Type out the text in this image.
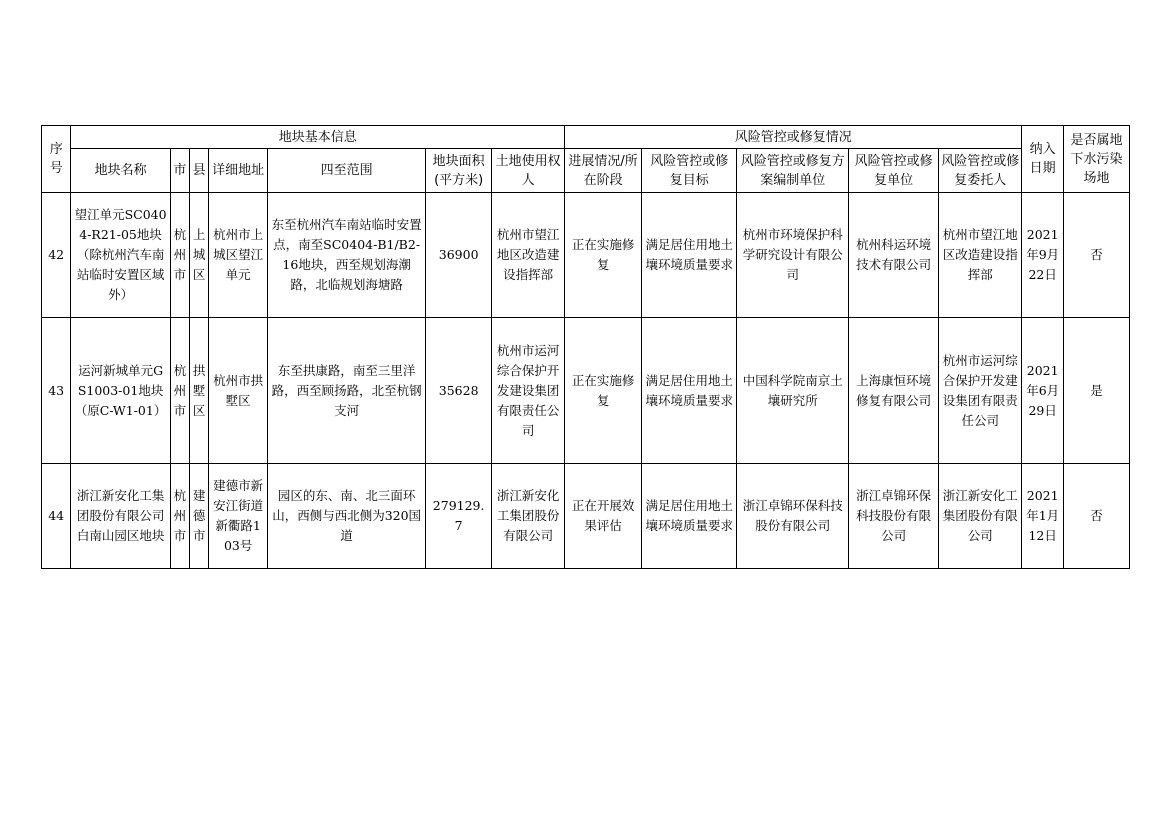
序号	地块基本信息							风险管控或修复情况					纳入日期	是否属地下水污染场地
	地块名称	市	县	详细地址	四至范围	地块面积(平方米)	土地使用权人	进展情况/所在阶段	风险管控或修复目标	风险管控或修复方案编制单位	风险管控或修复单位	风险管控或修复委托人		
42	望江单元SC0404-R21-05地块（除杭州汽车南站临时安置区域外）	杭州市	上城区	杭州市上城区望江单元	东至杭州汽车南站临时安置点，南至SC0404-B1/B2-16地块，西至规划海潮路，北临规划海塘路	36900	杭州市望江地区改造建设指挥部	正在实施修复	满足居住用地土壤环境质量要求	杭州市环境保护科学研究设计有限公司	杭州科运环境技术有限公司	杭州市望江地区改造建设指挥部	2021年9月22日	否
43	运河新城单元GS1003-01地块（原C-W1-01）	杭州市	拱墅区	杭州市拱墅区	东至拱康路，南至三里洋路，西至顾扬路，北至杭钢支河	35628	杭州市运河综合保护开发建设集团有限责任公司	正在实施修复	满足居住用地土壤环境质量要求	中国科学院南京土壤研究所	上海康恒环境修复有限公司	杭州市运河综合保护开发建设集团有限责任公司	2021年6月29日	是
44	浙江新安化工集团股份有限公司白南山园区地块	杭州市	建德市	建德市新安江街道新衢路103号	园区的东、南、北三面环山，西侧与西北侧为320国道	279129.7	浙江新安化工集团股份有限公司	正在开展效果评估	满足居住用地土壤环境质量要求	浙江卓锦环保科技股份有限公司	浙江卓锦环保科技股份有限公司	浙江新安化工集团股份有限公司	2021年1月12日	否
